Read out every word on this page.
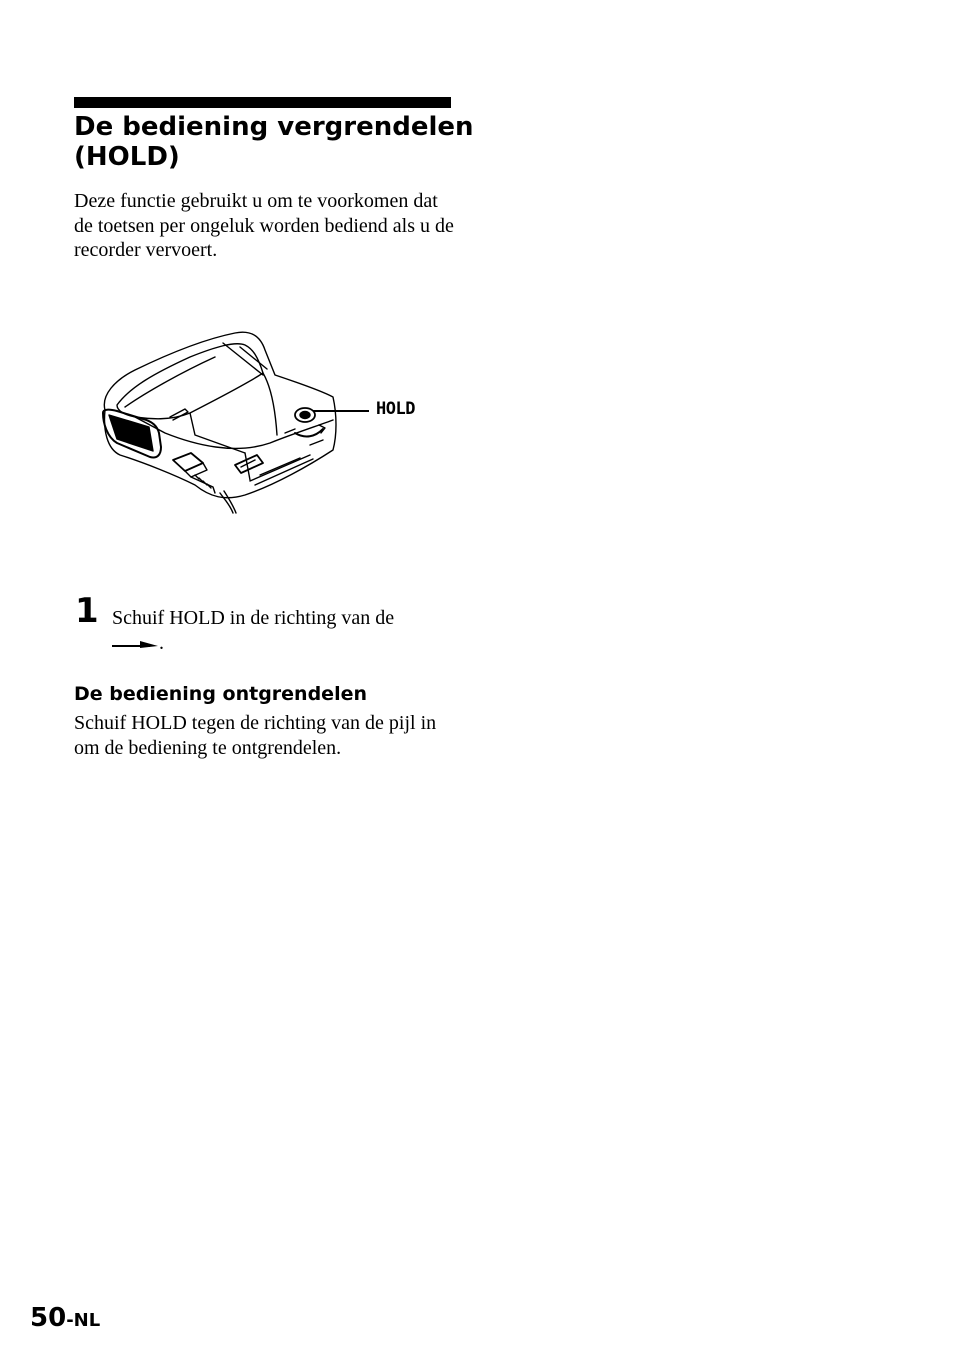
De bediening vergrendelen (HOLD)

Deze functie gebruikt u om te voorkomen dat de toetsen per ongeluk worden bediend als u de recorder vervoert.

HOLD
1 Schuif HOLD in de richting van de
.

De bediening ontgrendelen

Schuif HOLD tegen de richting van de pijl in om de bediening te ontgrendelen.

50-NL
